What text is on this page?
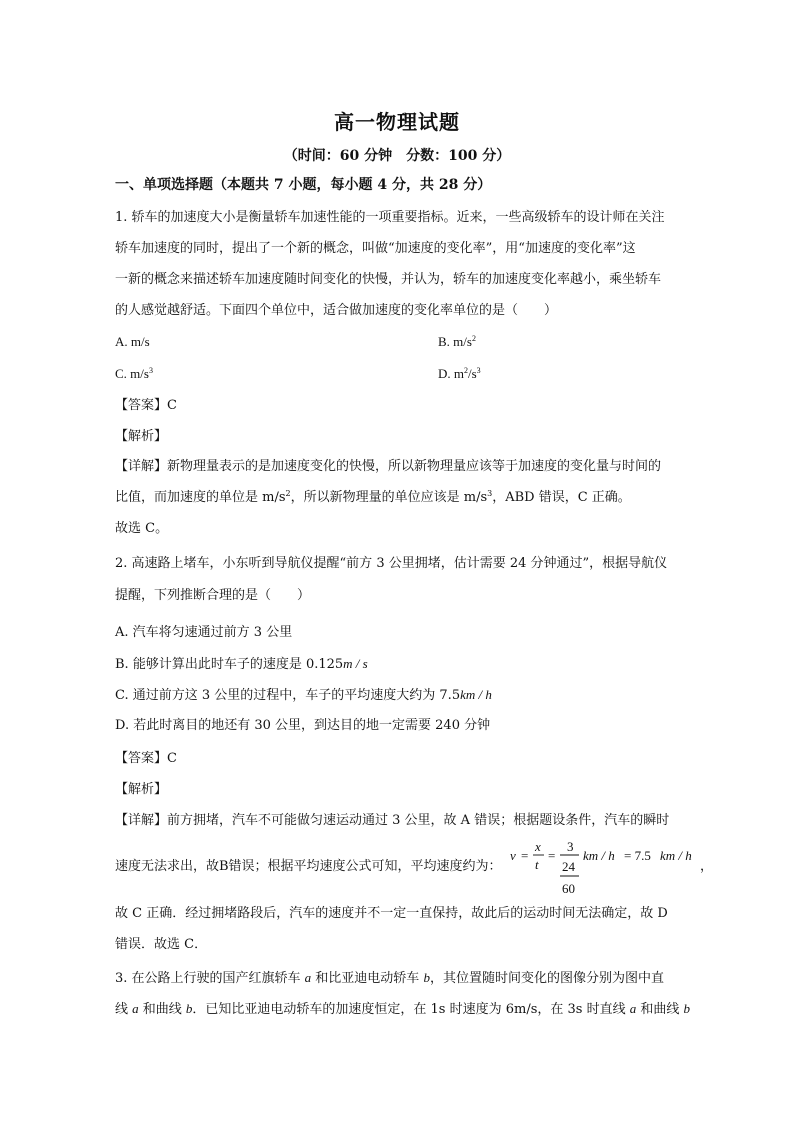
高一物理试题
（时间：60 分钟　分数：100 分）
一、单项选择题（本题共 7 小题，每小题 4 分，共 28 分）
1. 轿车的加速度大小是衡量轿车加速性能的一项重要指标。近来，一些高级轿车的设计师在关注
轿车加速度的同时，提出了一个新的概念，叫做“加速度的变化率”，用“加速度的变化率”这
一新的概念来描述轿车加速度随时间变化的快慢，并认为，轿车的加速度变化率越小，乘坐轿车
的人感觉越舒适。下面四个单位中，适合做加速度的变化率单位的是（　　）
A. m/s	B. $m/s^2$
C. $m/s^3$	D. $m^2/s^3$
【答案】C
【解析】
【详解】新物理量表示的是加速度变化的快慢，所以新物理量应该等于加速度的变化量与时间的
比值，而加速度的单位是 $m/s^2$，所以新物理量的单位应该是 $m/s^3$，ABD 错误，C 正确。
故选 C。
2. 高速路上堵车，小东听到导航仪提醒“前方 3 公里拥堵，估计需要 24 分钟通过”，根据导航仪
提醒，下列推断合理的是（　　）
A. 汽车将匀速通过前方 3 公里
B. 能够计算出此时车子的速度是 0.125m / s
C. 通过前方这 3 公里的过程中，车子的平均速度大约为 7.5km / h
D. 若此时离目的地还有 30 公里，到达目的地一定需要 240 分钟
【答案】C
【解析】
【详解】前方拥堵，汽车不可能做匀速运动通过 3 公里，故 A 错误；根据题设条件，汽车的瞬时
速度无法求出，故B错误；根据平均速度公式可知，平均速度约为：	，
v =
x
t
=
3
24
60
km / h = 7.5 km / h
故 C 正确．经过拥堵路段后，汽车的速度并不一定一直保持，故此后的运动时间无法确定，故 D
错误．故选 C．
3. 在公路上行驶的国产红旗轿车 a 和比亚迪电动轿车 b，其位置随时间变化的图像分别为图中直
线 a 和曲线 b．已知比亚迪电动轿车的加速度恒定，在 1s 时速度为 6m/s，在 3s 时直线 a 和曲线 b
